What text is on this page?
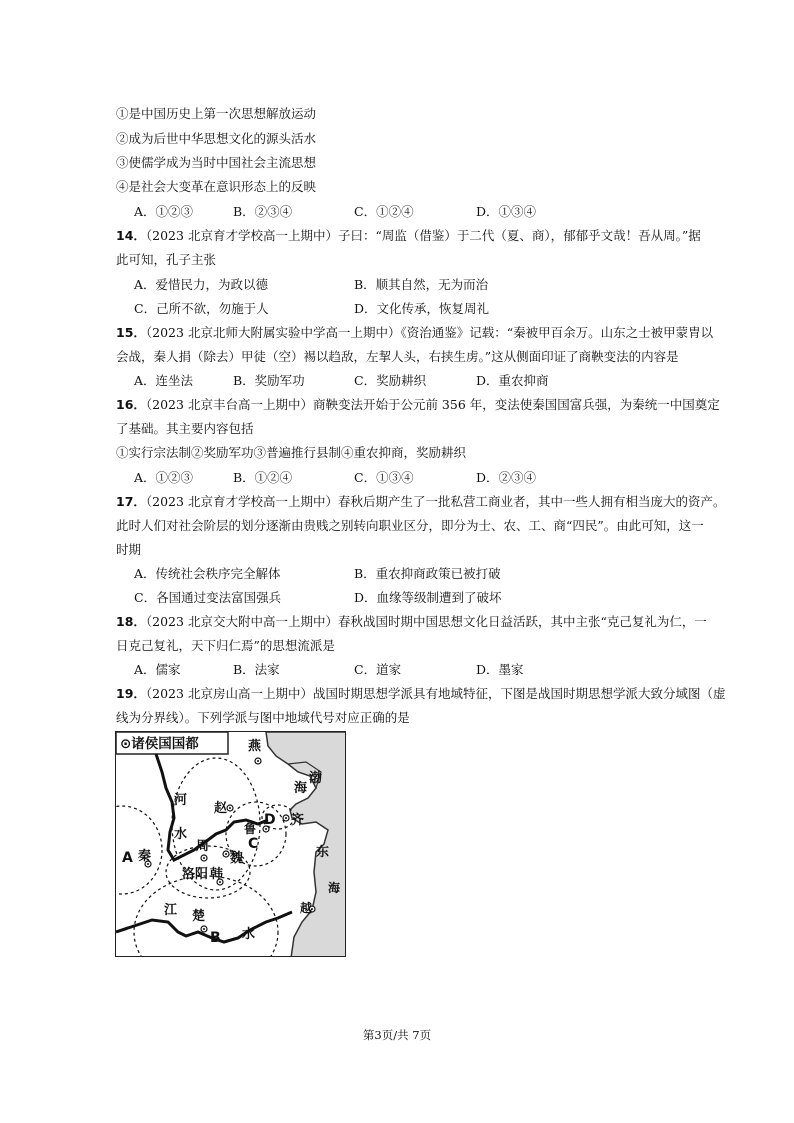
①是中国历史上第一次思想解放运动
②成为后世中华思想文化的源头活水
③使儒学成为当时中国社会主流思想
④是社会大变革在意识形态上的反映
A．①②③	B．②③④	C．①②④	D．①③④
14．（2023 北京育才学校高一上期中）子曰：“周监（借鉴）于二代（夏、商），郁郁乎文哉！吾从周。”据
此可知，孔子主张
A．爱惜民力，为政以德	B．顺其自然，无为而治
C．己所不欲，勿施于人	D．文化传承，恢复周礼
15．（2023 北京北师大附属实验中学高一上期中）《资治通鉴》记载：“秦被甲百余万。山东之士被甲蒙胄以
会战，秦人捐（除去）甲徒（空）裼以趋敌，左挈人头，右挟生虏。”这从侧面印证了商鞅变法的内容是
A．连坐法	B．奖励军功	C．奖励耕织	D．重农抑商
16．（2023 北京丰台高一上期中）商鞅变法开始于公元前 356 年，变法使秦国国富兵强，为秦统一中国奠定
了基础。其主要内容包括
①实行宗法制②奖励军功③普遍推行县制④重农抑商，奖励耕织
A．①②③	B．①②④	C．①③④	D．②③④
17．（2023 北京育才学校高一上期中）春秋后期产生了一批私营工商业者，其中一些人拥有相当庞大的资产。
此时人们对社会阶层的划分逐渐由贵贱之别转向职业区分，即分为士、农、工、商“四民”。由此可知，这一
时期
A．传统社会秩序完全解体	B．重农抑商政策已被打破
C．各国通过变法富国强兵	D．血缘等级制遭到了破坏
18．（2023 北京交大附中高一上期中）春秋战国时期中国思想文化日益活跃，其中主张“克己复礼为仁，一
日克己复礼，天下归仁焉”的思想流派是
A．儒家	B．法家	C．道家	D．墨家
19．（2023 北京房山高一上期中）战国时期思想学派具有地域特征，下图是战国时期思想学派大致分域图（虚
线为分界线）。下列学派与图中地域代号对应正确的是
⊙诸侯国国都	燕
渤
海
赵
河
水
D 齐
鲁
C
A 秦
周
魏
洛阳 韩
东
海
越
江 楚
B 水
第3页/共 7页
